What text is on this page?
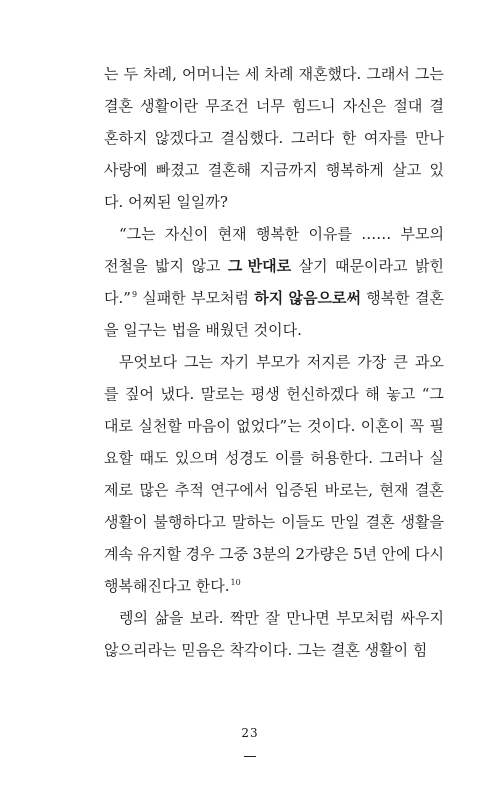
는 두 차례, 어머니는 세 차례 재혼했다. 그래서 그는
결혼 생활이란 무조건 너무 힘드니 자신은 절대 결
혼하지 않겠다고 결심했다. 그러다 한 여자를 만나
사랑에 빠졌고 결혼해 지금까지 행복하게 살고 있
다. 어찌된 일일까?
“그는 자신이 현재 행복한 이유를 …… 부모의
전철을 밟지 않고 그 반대로 살기 때문이라고 밝힌
다.”$^9$ 실패한 부모처럼 하지 않음으로써 행복한 결혼
을 일구는 법을 배웠던 것이다.
무엇보다 그는 자기 부모가 저지른 가장 큰 과오
를 짚어 냈다. 말로는 평생 헌신하겠다 해 놓고 “그
대로 실천할 마음이 없었다”는 것이다. 이혼이 꼭 필
요할 때도 있으며 성경도 이를 허용한다. 그러나 실
제로 많은 추적 연구에서 입증된 바로는, 현재 결혼
생활이 불행하다고 말하는 이들도 만일 결혼 생활을
계속 유지할 경우 그중 3분의 2가량은 5년 안에 다시
행복해진다고 한다.$^{10}$
렝의 삶을 보라. 짝만 잘 만나면 부모처럼 싸우지
않으리라는 믿음은 착각이다. 그는 결혼 생활이 힘
23
